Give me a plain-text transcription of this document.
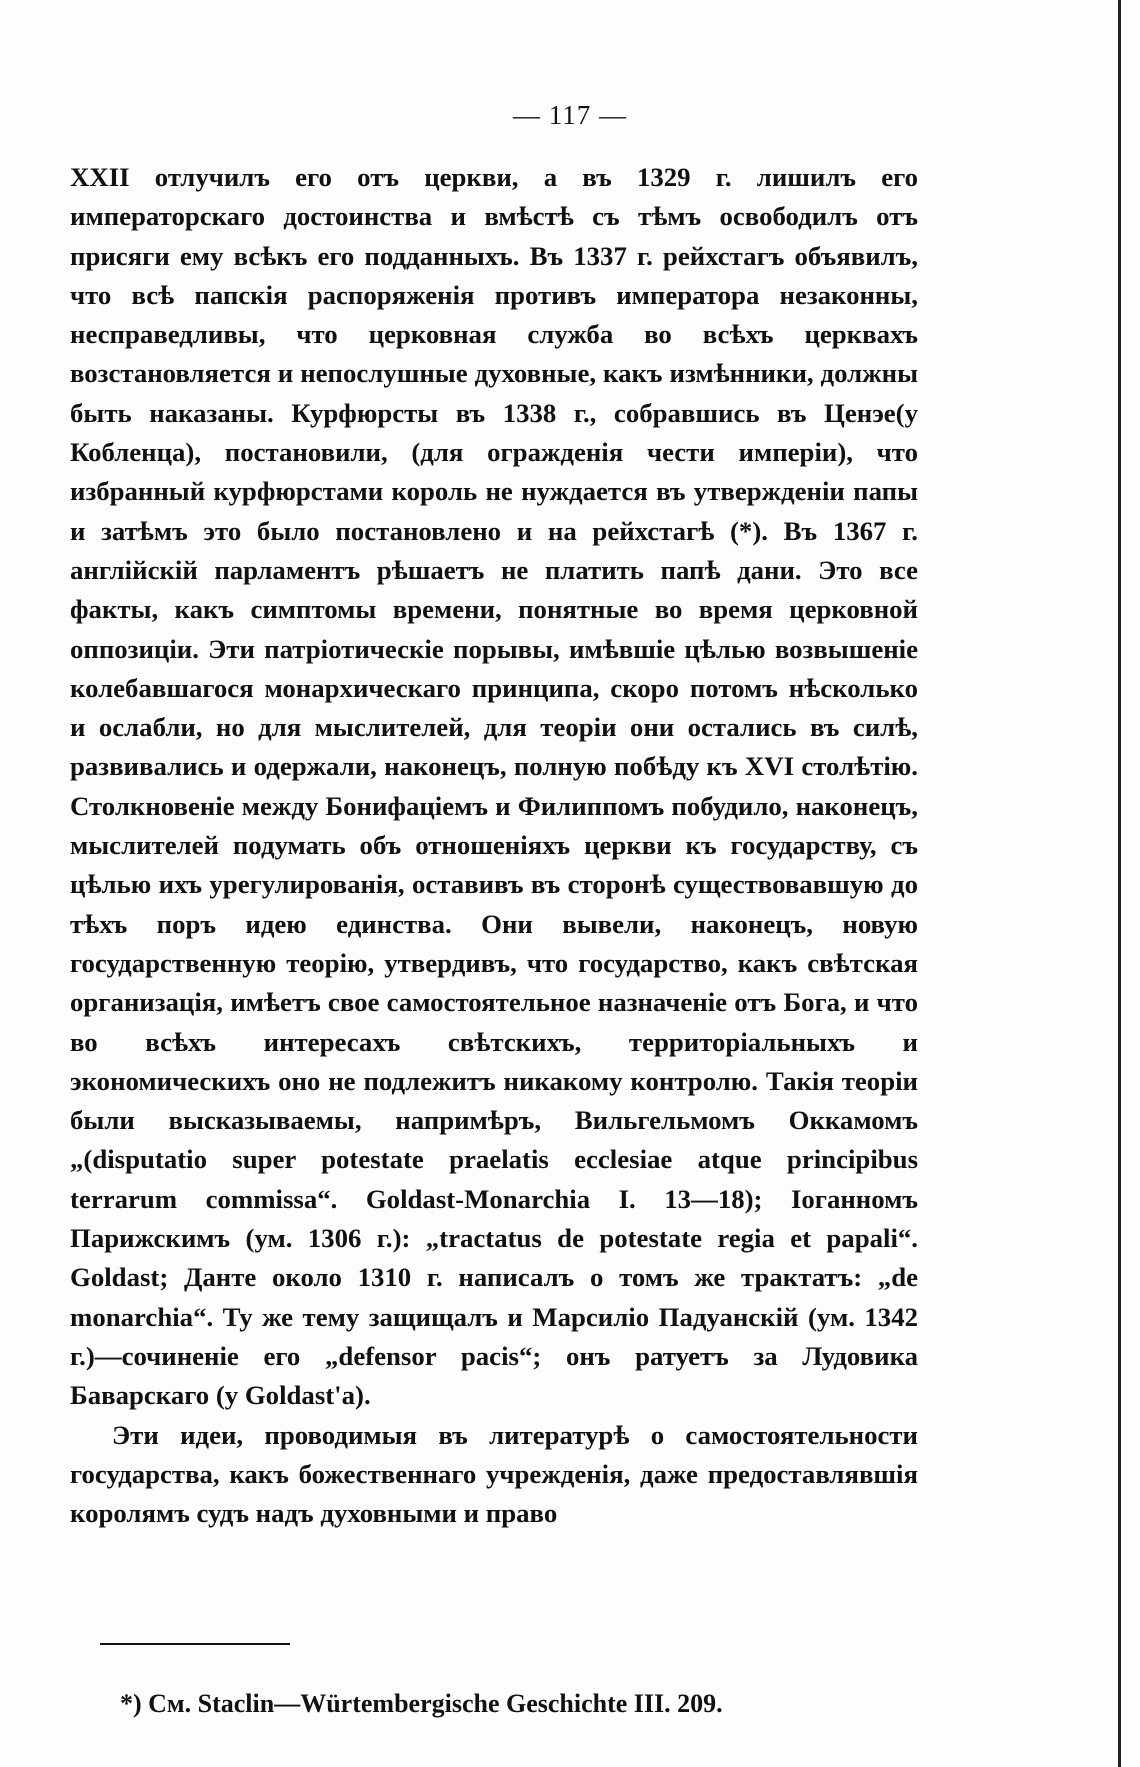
— 117 —

XXII отлучилъ его отъ церкви, а въ 1329 г. лишилъ его императорскаго достоинства и вмѣстѣ съ тѣмъ освободилъ отъ присяги ему всѣкъ его подданныхъ. Въ 1337 г. рейхстагъ объявилъ, что всѣ папскія распоряженія противъ императора незаконны, несправедливы, что церковная служба во всѣхъ церквахъ возстановляется и непослушные духовные, какъ измѣнники, должны быть наказаны. Курфюрсты въ 1338 г., собравшись въ Ценэе(у Кобленца), постановили, (для огражденія чести имперіи), что избранный курфюрстами король не нуждается въ утвержденіи папы и затѣмъ это было постановлено и на рейхстагѣ (*). Въ 1367 г. англійскій парламентъ рѣшаетъ не платить папѣ дани. Это все факты, какъ симптомы времени, понятные во время церковной оппозиціи. Эти патріотическіе порывы, имѣвшіе цѣлью возвышеніе колебавшагося монархическаго принципа, скоро потомъ нѣсколько и ослабли, но для мыслителей, для теоріи они остались въ силѣ, развивались и одержали, наконецъ, полную побѣду къ XVI столѣтію. Столкновеніе между Бонифаціемъ и Филиппомъ побудило, наконецъ, мыслителей подумать объ отношеніяхъ церкви къ государству, съ цѣлью ихъ урегулированія, оставивъ въ сторонѣ существовавшую до тѣхъ поръ идею единства. Они вывели, наконецъ, новую государственную теорію, утвердивъ, что государство, какъ свѣтская организація, имѣетъ свое самостоятельное назначеніе отъ Бога, и что во всѣхъ интересахъ свѣтскихъ, территоріальныхъ и экономическихъ оно не подлежитъ никакому контролю. Такія теоріи были высказываемы, напримѣръ, Вильгельмомъ Оккамомъ „(disputatio super potestate praelatis ecclesiae atque principibus terrarum commissa“. Goldast-Monarchia I. 13—18); Іоганномъ Парижскимъ (ум. 1306 г.): „tractatus de potestate regia et papali“. Goldast; Данте около 1310 г. написалъ о томъ же трактатъ: „de monarchia“. Ту же тему защищалъ и Марсиліо Падуанскій (ум. 1342 г.)—сочиненіе его „defensor pacis“; онъ ратуетъ за Лудовика Баварскаго (у Goldast'а).

Эти идеи, проводимыя въ литературѣ о самостоятельности государства, какъ божественнаго учрежденія, даже предоставлявшія королямъ судъ надъ духовными и право

*) См. Staclin—Würtembergische Geschichte III. 209.
